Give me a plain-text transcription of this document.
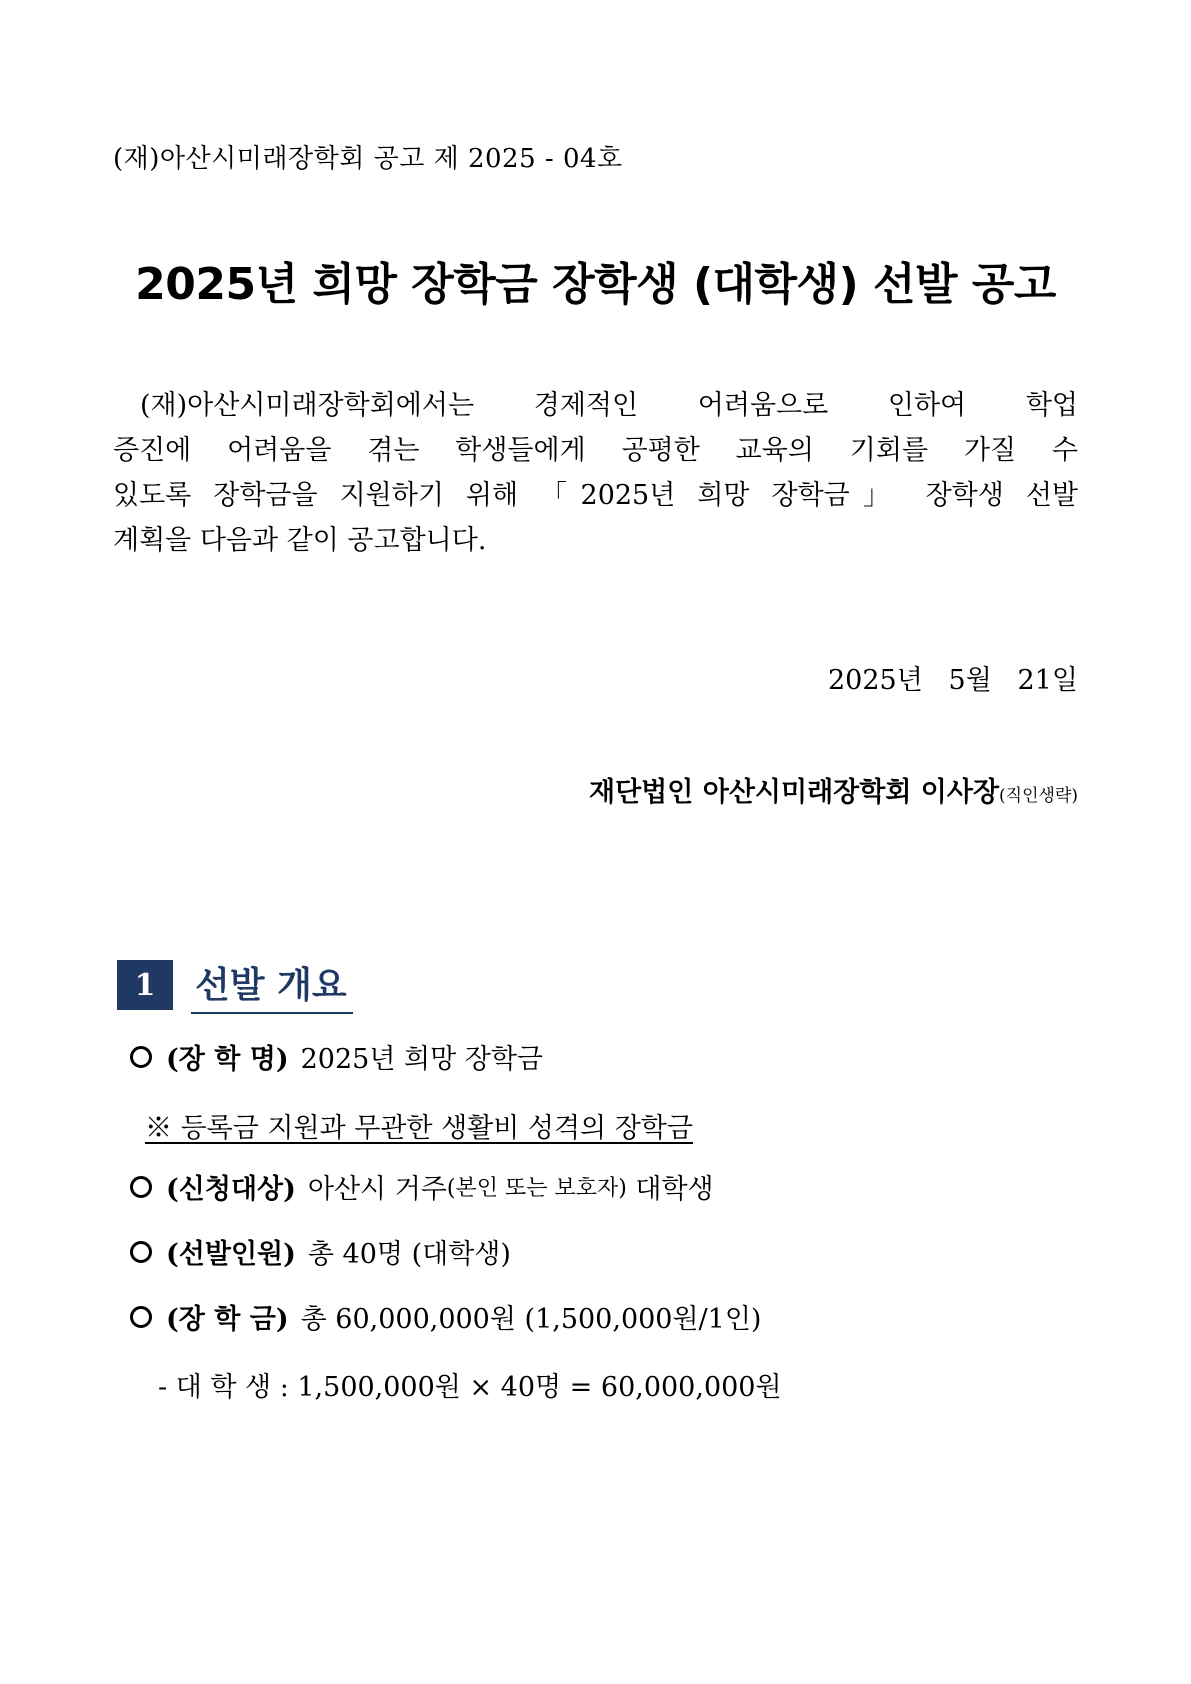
(재)아산시미래장학회 공고 제 2025 - 04호
2025년 희망 장학금 장학생 (대학생) 선발 공고
(재)아산시미래장학회에서는 경제적인 어려움으로 인하여 학업
증진에 어려움을 겪는 학생들에게 공평한 교육의 기회를 가질 수
있도록 장학금을 지원하기 위해 「2025년 희망 장학금」 장학생 선발
계획을 다음과 같이 공고합니다.
2025년   5월   21일
재단법인 아산시미래장학회 이사장(직인생략)
1	선발 개요
(장 학 명) 2025년 희망 장학금
※ 등록금 지원과 무관한 생활비 성격의 장학금
(신청대상) 아산시 거주 (본인 또는 보호자) 대학생
(선발인원) 총 40명 (대학생)
(장 학 금) 총 60,000,000원 (1,500,000원/1인)
- 대 학 생 : 1,500,000원 × 40명 = 60,000,000원
